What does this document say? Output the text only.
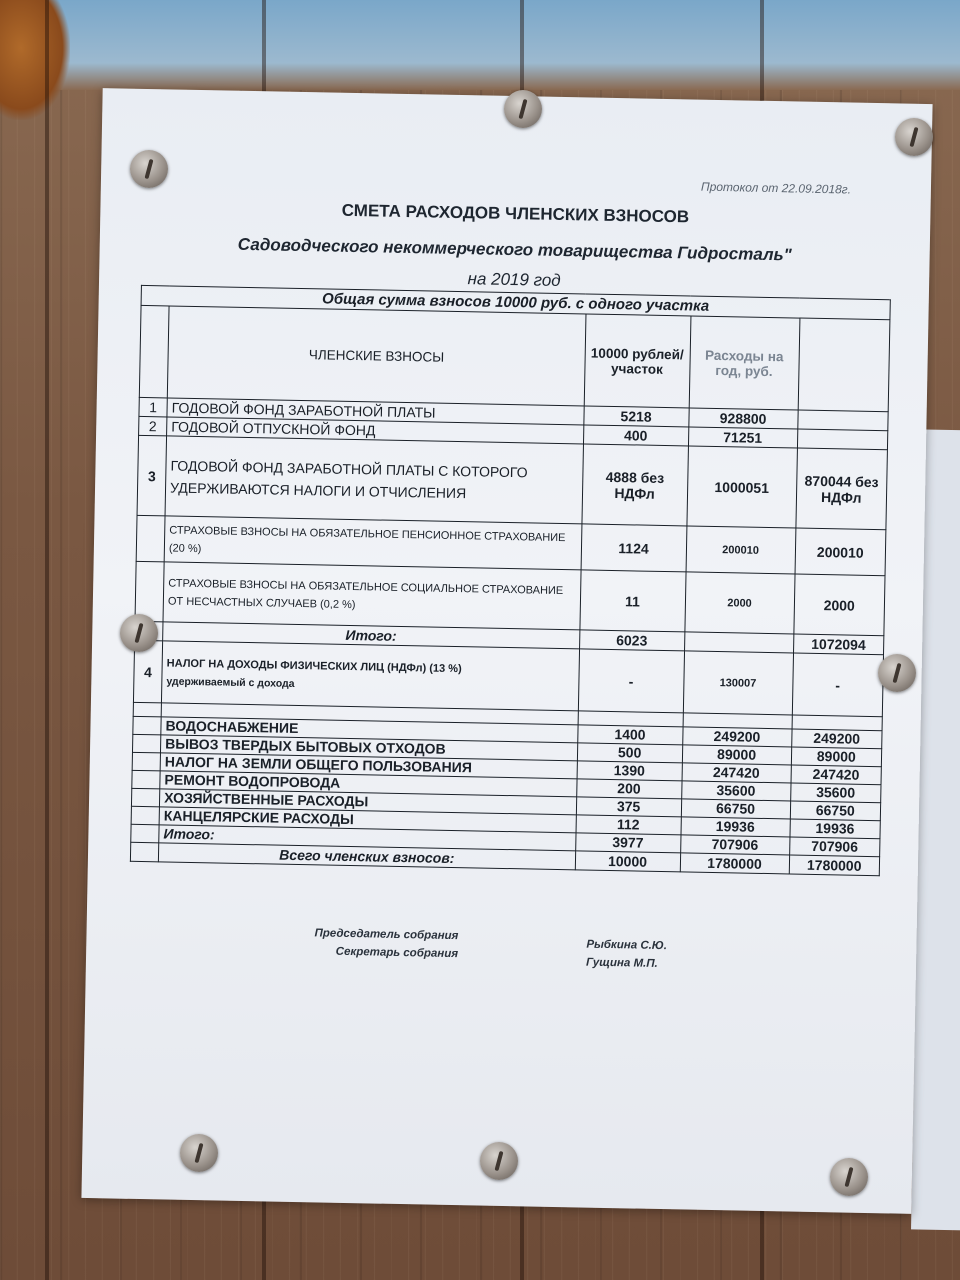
Протокол от 22.09.2018г.
СМЕТА РАСХОДОВ ЧЛЕНСКИХ ВЗНОСОВ
Садоводческого некоммерческого товарищества Гидросталь"
на 2019 год
Общая сумма взносов 10000 руб. с одного участка				
	ЧЛЕНСКИЕ ВЗНОСЫ	10000 рублей/ участок	Расходы на год, руб.	
1	ГОДОВОЙ ФОНД ЗАРАБОТНОЙ ПЛАТЫ	5218	928800	
2	ГОДОВОЙ ОТПУСКНОЙ ФОНД	400	71251	
3	ГОДОВОЙ ФОНД ЗАРАБОТНОЙ ПЛАТЫ С КОТОРОГО УДЕРЖИВАЮТСЯ НАЛОГИ И ОТЧИСЛЕНИЯ	4888 без НДФл	1000051	870044 без НДФл
	СТРАХОВЫЕ ВЗНОСЫ НА ОБЯЗАТЕЛЬНОЕ ПЕНСИОННОЕ СТРАХОВАНИЕ (20 %)	1124	200010	200010
	СТРАХОВЫЕ ВЗНОСЫ НА ОБЯЗАТЕЛЬНОЕ СОЦИАЛЬНОЕ СТРАХОВАНИЕ ОТ НЕСЧАСТНЫХ СЛУЧАЕВ (0,2 %)	11	2000	2000
	Итого:	6023		1072094
4	НАЛОГ НА ДОХОДЫ ФИЗИЧЕСКИХ ЛИЦ (НДФл) (13 %)
удерживаемый с дохода	-	130007	-

	ВОДОСНАБЖЕНИЕ	1400	249200	249200
	ВЫВОЗ ТВЕРДЫХ БЫТОВЫХ ОТХОДОВ	500	89000	89000
	НАЛОГ НА ЗЕМЛИ ОБЩЕГО ПОЛЬЗОВАНИЯ	1390	247420	247420
	РЕМОНТ ВОДОПРОВОДА	200	35600	35600
	ХОЗЯЙСТВЕННЫЕ РАСХОДЫ	375	66750	66750
	КАНЦЕЛЯРСКИЕ РАСХОДЫ	112	19936	19936
	Итого:	3977	707906	707906
	Всего членских взносов:	10000	1780000	1780000
Председатель собрания
Секретарь собрания
Рыбкина С.Ю.
Гущина М.П.
